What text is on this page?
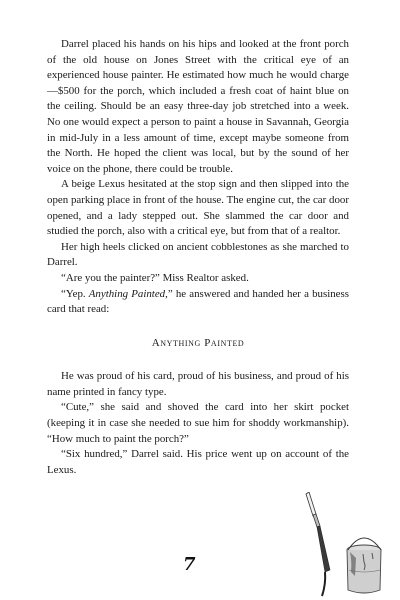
Darrel placed his hands on his hips and looked at the front porch of the old house on Jones Street with the critical eye of an experienced house painter. He estimated how much he would charge—$500 for the porch, which included a fresh coat of haint blue on the ceiling. Should be an easy three-day job stretched into a week. No one would expect a person to paint a house in Savannah, Georgia in mid-July in a less amount of time, except maybe someone from the North. He hoped the client was local, but by the sound of her voice on the phone, there could be trouble.

A beige Lexus hesitated at the stop sign and then slipped into the open parking place in front of the house. The engine cut, the car door opened, and a lady stepped out. She slammed the car door and studied the porch, also with a critical eye, but from that of a realtor.

Her high heels clicked on ancient cobblestones as she marched to Darrel.

“Are you the painter?” Miss Realtor asked.

“Yep. Anything Painted,” he answered and handed her a business card that read:

Anything Painted

He was proud of his card, proud of his business, and proud of his name printed in fancy type.

“Cute,” she said and shoved the card into her skirt pocket (keeping it in case she needed to sue him for shoddy workmanship). “How much to paint the porch?”

“Six hundred,” Darrel said. His price went up on account of the Lexus.

7
